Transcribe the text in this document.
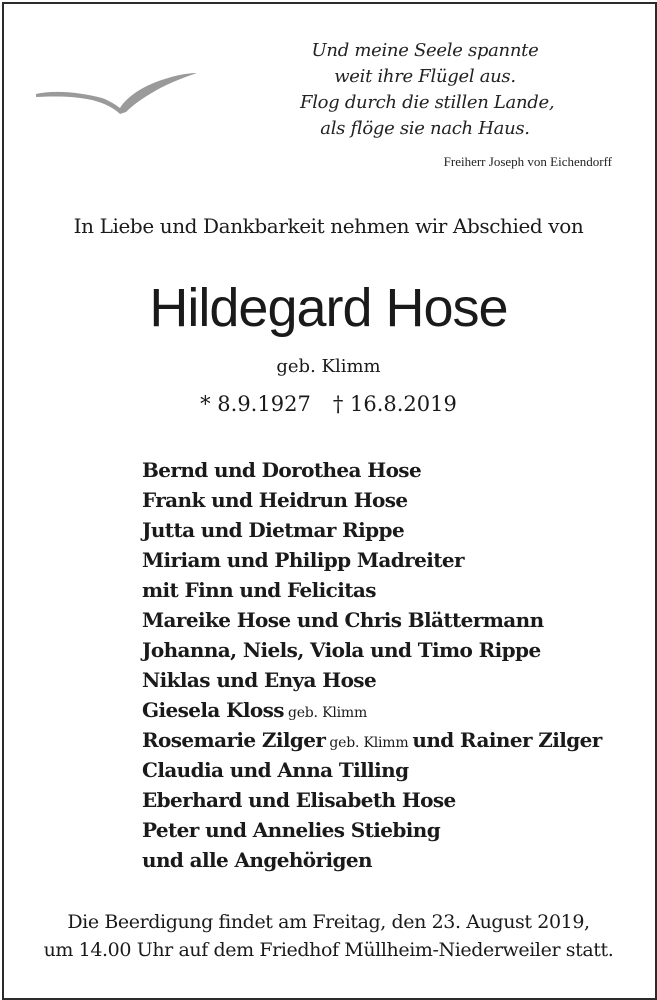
Und meine Seele spannte
weit ihre Flügel aus.
Flog durch die stillen Lande,
als flöge sie nach Haus.
Freiherr Joseph von Eichendorff
In Liebe und Dankbarkeit nehmen wir Abschied von
Hildegard Hose
geb. Klimm
* 8.9.1927 † 16.8.2019
Bernd und Dorothea Hose
Frank und Heidrun Hose
Jutta und Dietmar Rippe
Miriam und Philipp Madreiter
mit Finn und Felicitas
Mareike Hose und Chris Blättermann
Johanna, Niels, Viola und Timo Rippe
Niklas und Enya Hose
Giesela Kloss geb. Klimm
Rosemarie Zilger geb. Klimm und Rainer Zilger
Claudia und Anna Tilling
Eberhard und Elisabeth Hose
Peter und Annelies Stiebing
und alle Angehörigen
Die Beerdigung findet am Freitag, den 23. August 2019,
um 14.00 Uhr auf dem Friedhof Müllheim-Niederweiler statt.
